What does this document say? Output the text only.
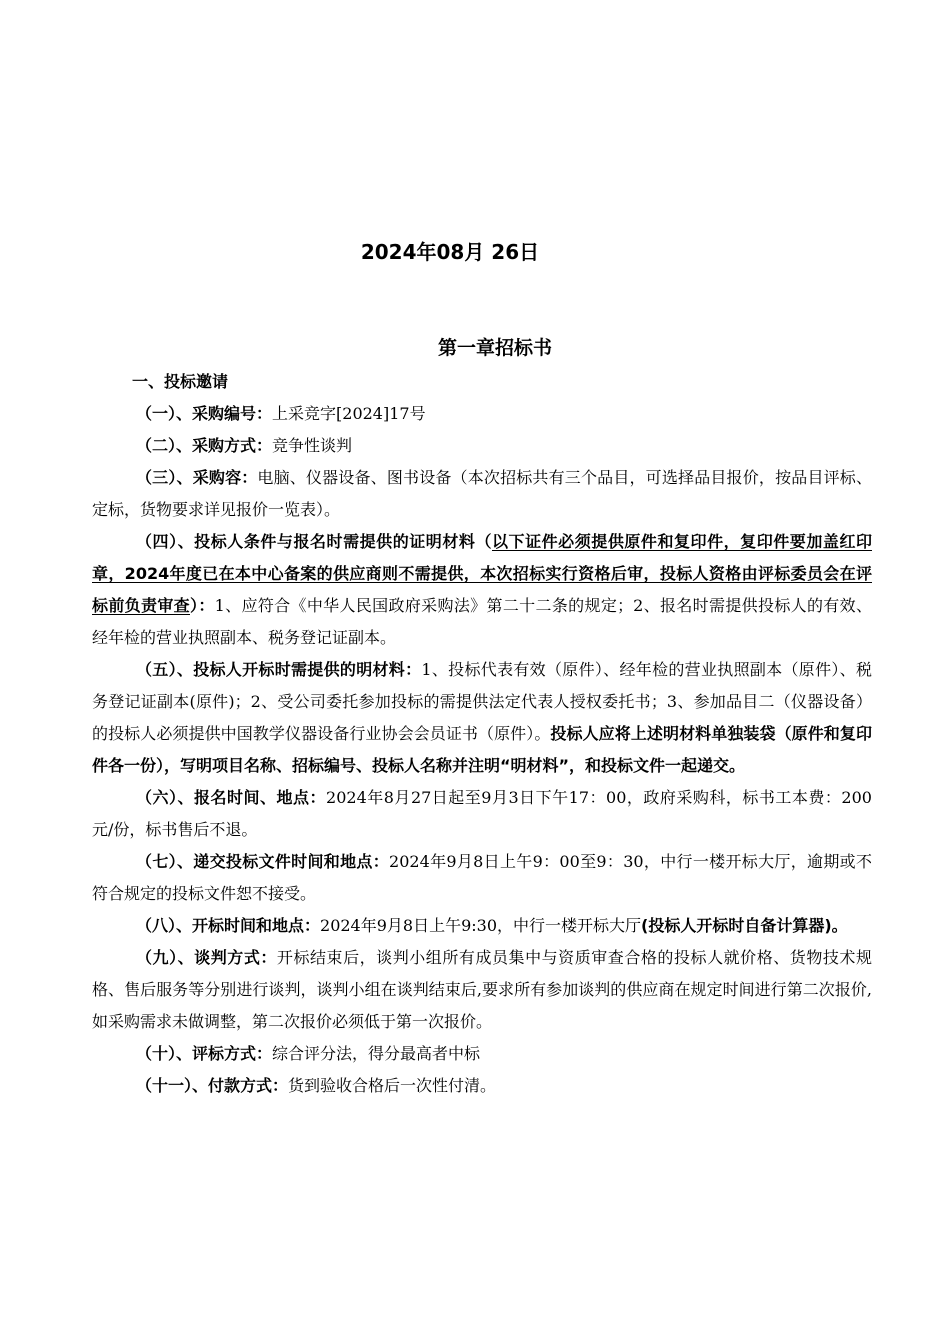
2024年08月 26日
第一章招标书
一、投标邀请
（一）、采购编号：上采竞字[2024]17号
（二）、采购方式：竞争性谈判
（三）、采购容：电脑、仪器设备、图书设备（本次招标共有三个品目，可选择品目报价，按品目评标、定标，货物要求详见报价一览表）。
（四）、投标人条件与报名时需提供的证明材料（以下证件必须提供原件和复印件，复印件要加盖红印章，2024年度已在本中心备案的供应商则不需提供，本次招标实行资格后审，投标人资格由评标委员会在评标前负责审查）：1、应符合《中华人民国政府采购法》第二十二条的规定；2、报名时需提供投标人的有效、经年检的营业执照副本、税务登记证副本。
（五）、投标人开标时需提供的明材料：1、投标代表有效（原件）、经年检的营业执照副本（原件）、税务登记证副本(原件)；2、受公司委托参加投标的需提供法定代表人授权委托书；3、参加品目二（仪器设备）的投标人必须提供中国教学仪器设备行业协会会员证书（原件）。投标人应将上述明材料单独装袋（原件和复印件各一份），写明项目名称、招标编号、投标人名称并注明“明材料”，和投标文件一起递交。
（六）、报名时间、地点：2024年8月27日起至9月3日下午17：00，政府采购科，标书工本费：200元/份，标书售后不退。
（七）、递交投标文件时间和地点：2024年9月8日上午9：00至9：30，中行一楼开标大厅，逾期或不符合规定的投标文件恕不接受。
（八）、开标时间和地点：2024年9月8日上午9:30，中行一楼开标大厅(投标人开标时自备计算器)。
（九）、谈判方式：开标结束后，谈判小组所有成员集中与资质审查合格的投标人就价格、货物技术规格、售后服务等分别进行谈判，谈判小组在谈判结束后,要求所有参加谈判的供应商在规定时间进行第二次报价,如采购需求未做调整，第二次报价必须低于第一次报价。
（十）、评标方式：综合评分法，得分最高者中标
（十一）、付款方式：货到验收合格后一次性付清。
